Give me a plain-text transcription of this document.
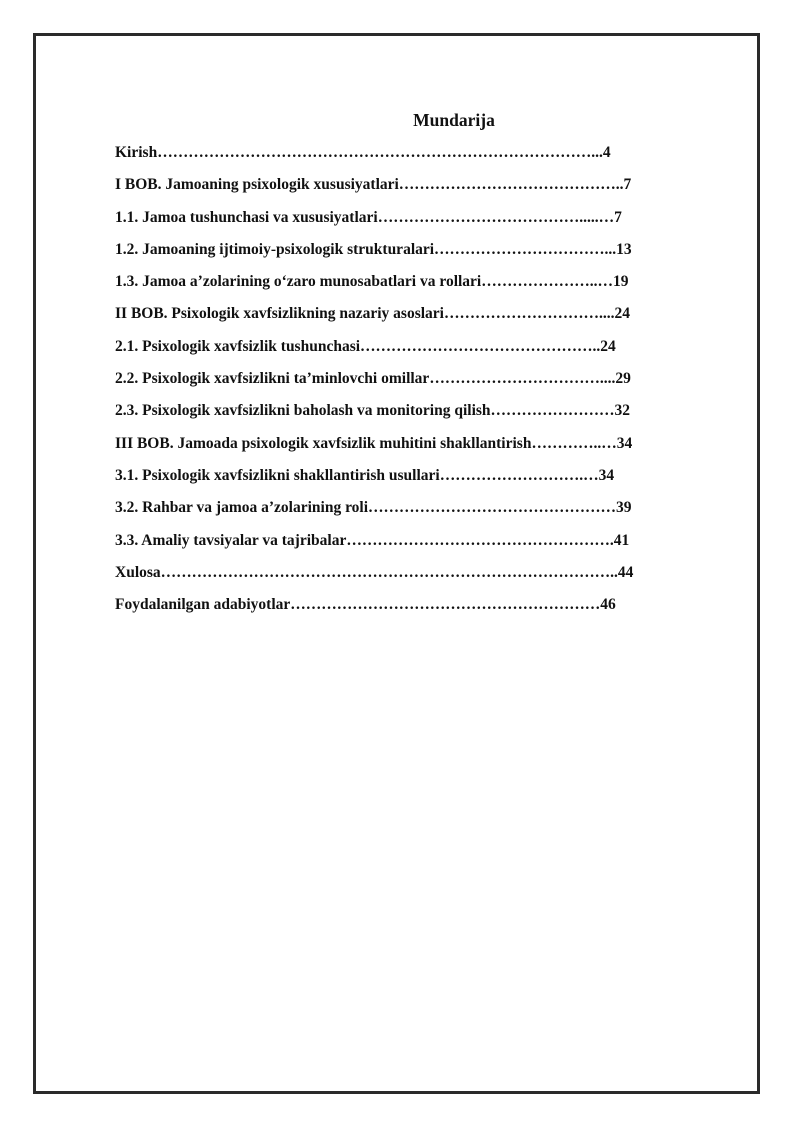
Mundarija
Kirish…………………………………………………………………………...4
I BOB. Jamoaning psixologik xususiyatlari……………………………………..7
1.1. Jamoa tushunchasi va xususiyatlari………………………………….....…7
1.2. Jamoaning ijtimoiy-psixologik strukturalari……………………………...13
1.3. Jamoa a’zolarining o‘zaro munosabatlari va rollari…………………..…19
II BOB. Psixologik xavfsizlikning nazariy asoslari…………………………....24
2.1. Psixologik xavfsizlik tushunchasi………………………………………..24
2.2. Psixologik xavfsizlikni ta’minlovchi omillar……………………………....29
2.3. Psixologik xavfsizlikni baholash va monitoring qilish……………………32
III BOB. Jamoada psixologik xavfsizlik muhitini shakllantirish…………..…34
3.1. Psixologik xavfsizlikni shakllantirish usullari……………………….…34
3.2. Rahbar va jamoa a’zolarining roli…………………………………………39
3.3. Amaliy tavsiyalar va tajribalar…………………………………………….41
Xulosa……………………………………………………………………………..44
Foydalanilgan adabiyotlar……………………………………………………46
